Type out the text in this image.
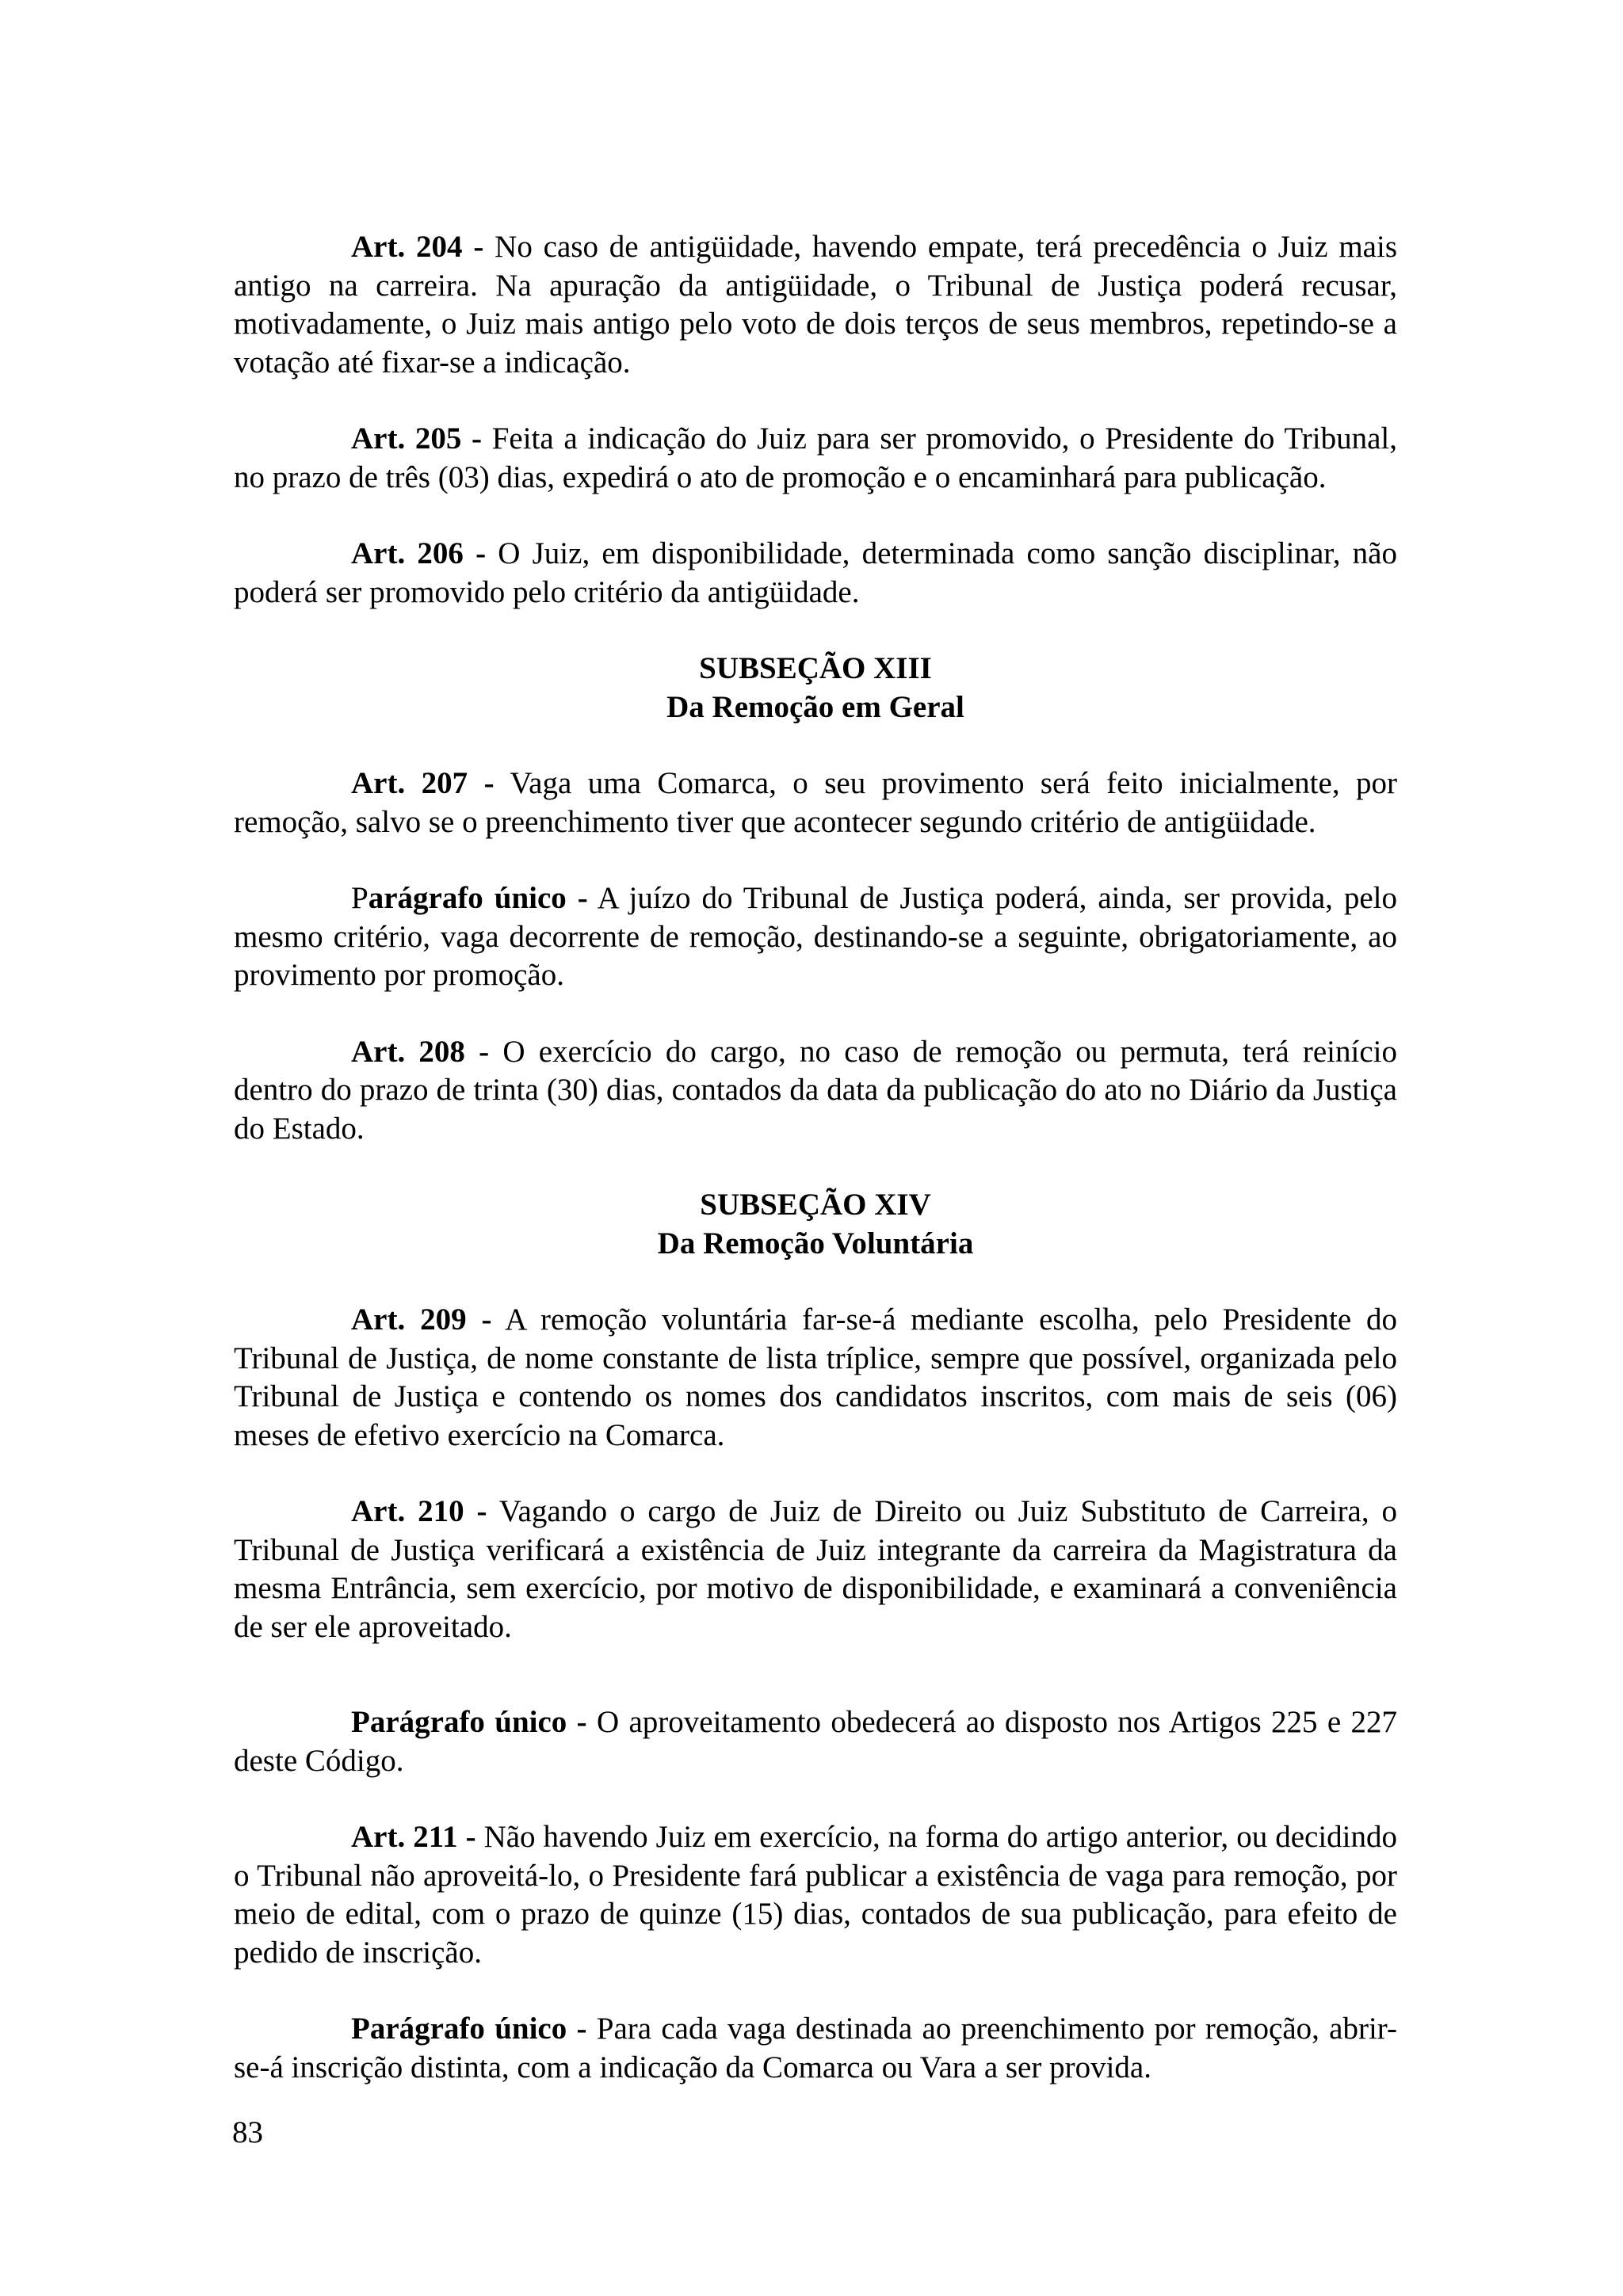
Art. 204 - No caso de antigüidade, havendo empate, terá precedência o Juiz mais antigo na carreira. Na apuração da antigüidade, o Tribunal de Justiça poderá recusar, motivadamente, o Juiz mais antigo pelo voto de dois terços de seus membros, repetindo-se a votação até fixar-se a indicação.

Art. 205 - Feita a indicação do Juiz para ser promovido, o Presidente do Tribunal, no prazo de três (03) dias, expedirá o ato de promoção e o encaminhará para publicação.

Art. 206 - O Juiz, em disponibilidade, determinada como sanção disciplinar, não poderá ser promovido pelo critério da antigüidade.

SUBSEÇÃO XIII
Da Remoção em Geral

Art. 207 - Vaga uma Comarca, o seu provimento será feito inicialmente, por remoção, salvo se o preenchimento tiver que acontecer segundo critério de antigüidade.

Parágrafo único - A juízo do Tribunal de Justiça poderá, ainda, ser provida, pelo mesmo critério, vaga decorrente de remoção, destinando-se a seguinte, obrigatoriamente, ao provimento por promoção.

Art. 208 - O exercício do cargo, no caso de remoção ou permuta, terá reinício dentro do prazo de trinta (30) dias, contados da data da publicação do ato no Diário da Justiça do Estado.

SUBSEÇÃO XIV
Da Remoção Voluntária

Art. 209 - A remoção voluntária far-se-á mediante escolha, pelo Presidente do Tribunal de Justiça, de nome constante de lista tríplice, sempre que possível, organizada pelo Tribunal de Justiça e contendo os nomes dos candidatos inscritos, com mais de seis (06) meses de efetivo exercício na Comarca.

Art. 210 - Vagando o cargo de Juiz de Direito ou Juiz Substituto de Carreira, o Tribunal de Justiça verificará a existência de Juiz integrante da carreira da Magistratura da mesma Entrância, sem exercício, por motivo de disponibilidade, e examinará a conveniência de ser ele aproveitado.

Parágrafo único - O aproveitamento obedecerá ao disposto nos Artigos 225 e 227 deste Código.

Art. 211 - Não havendo Juiz em exercício, na forma do artigo anterior, ou decidindo o Tribunal não aproveitá-lo, o Presidente fará publicar a existência de vaga para remoção, por meio de edital, com o prazo de quinze (15) dias, contados de sua publicação, para efeito de pedido de inscrição.

Parágrafo único - Para cada vaga destinada ao preenchimento por remoção, abrir-se-á inscrição distinta, com a indicação da Comarca ou Vara a ser provida.

83
